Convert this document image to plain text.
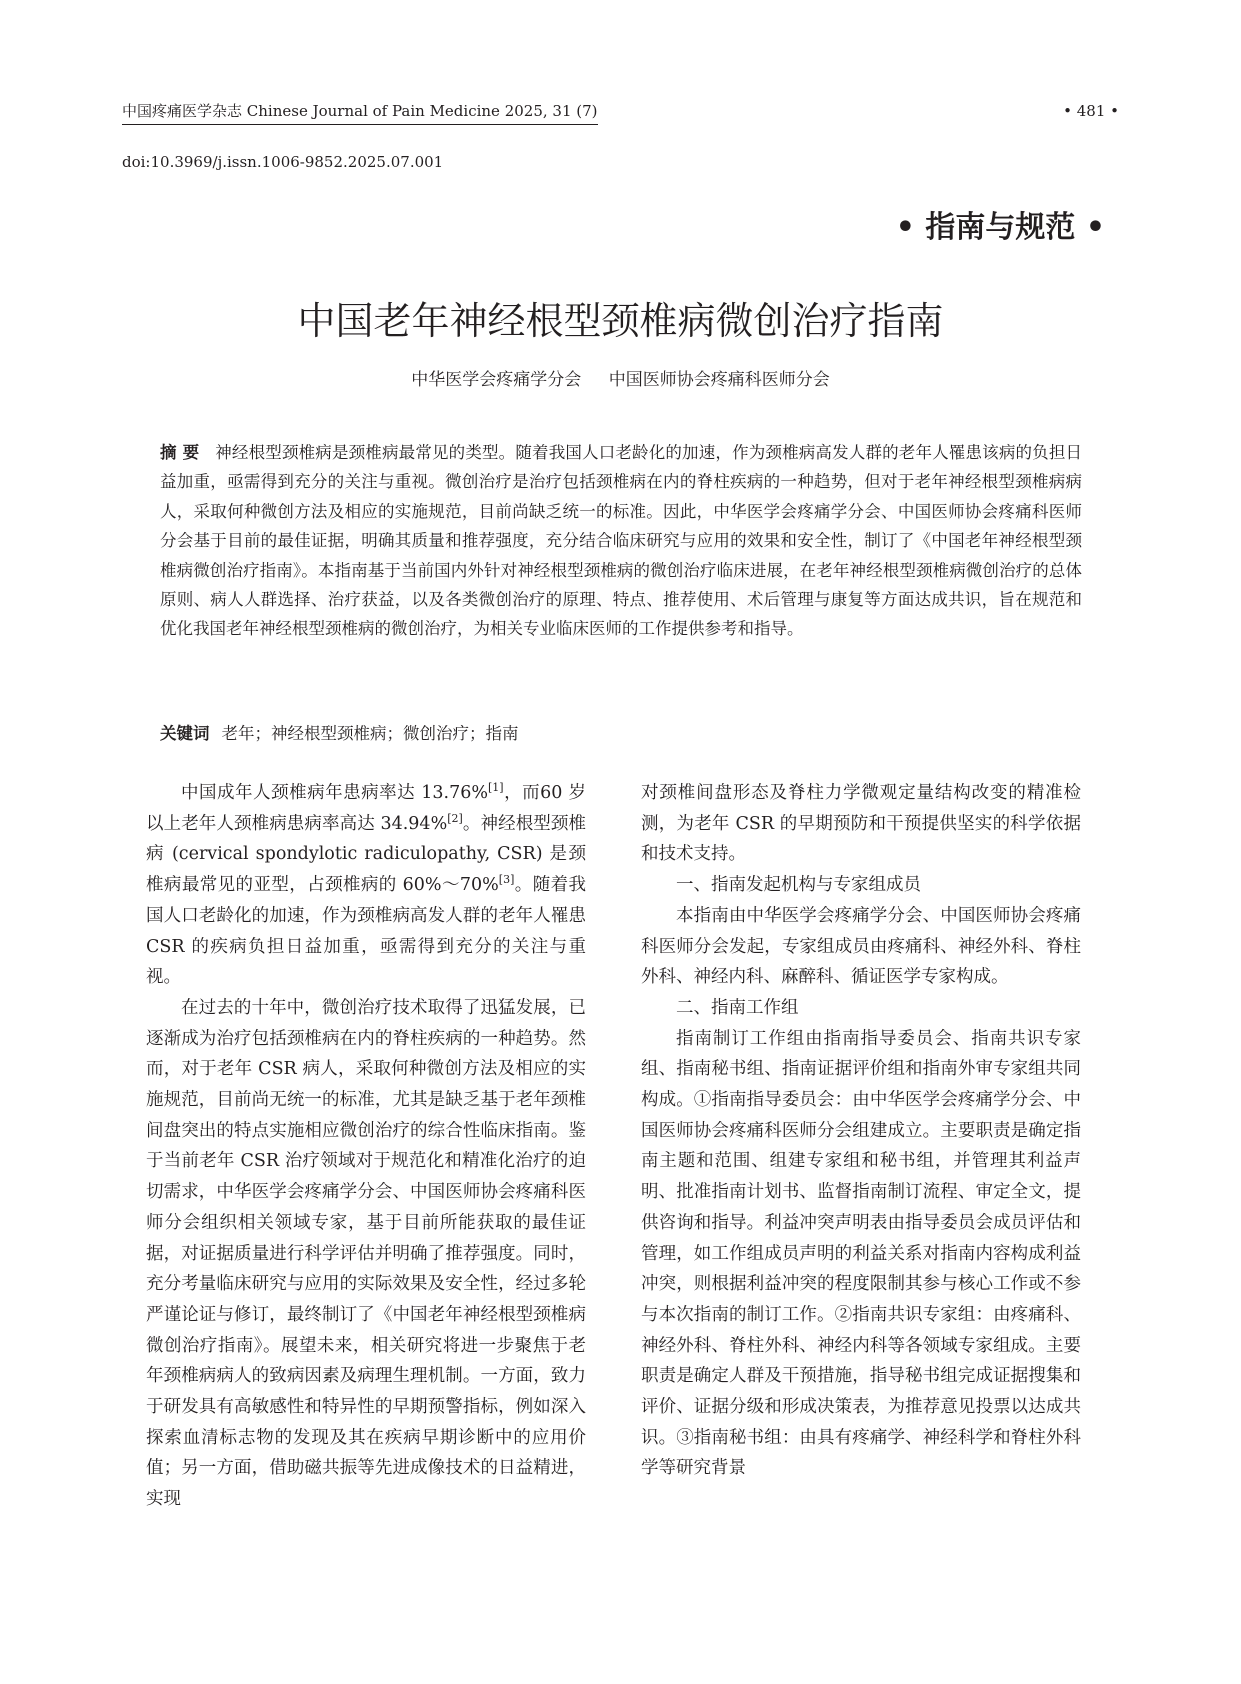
中国疼痛医学杂志 Chinese Journal of Pain Medicine 2025, 31 (7)	• 481 •
doi:10.3969/j.issn.1006-9852.2025.07.001
• 指南与规范 •
中国老年神经根型颈椎病微创治疗指南
中华医学会疼痛学分会 中国医师协会疼痛科医师分会
摘 要 神经根型颈椎病是颈椎病最常见的类型。随着我国人口老龄化的加速，作为颈椎病高发人群的老年人罹患该病的负担日益加重，亟需得到充分的关注与重视。微创治疗是治疗包括颈椎病在内的脊柱疾病的一种趋势，但对于老年神经根型颈椎病病人，采取何种微创方法及相应的实施规范，目前尚缺乏统一的标准。因此，中华医学会疼痛学分会、中国医师协会疼痛科医师分会基于目前的最佳证据，明确其质量和推荐强度，充分结合临床研究与应用的效果和安全性，制订了《中国老年神经根型颈椎病微创治疗指南》。本指南基于当前国内外针对神经根型颈椎病的微创治疗临床进展，在老年神经根型颈椎病微创治疗的总体原则、病人人群选择、治疗获益，以及各类微创治疗的原理、特点、推荐使用、术后管理与康复等方面达成共识，旨在规范和优化我国老年神经根型颈椎病的微创治疗，为相关专业临床医师的工作提供参考和指导。
关键词 老年；神经根型颈椎病；微创治疗；指南

中国成年人颈椎病年患病率达 13.76%[1]，而60 岁以上老年人颈椎病患病率高达 34.94%[2]。神经根型颈椎病 (cervical spondylotic radiculopathy, CSR) 是颈椎病最常见的亚型，占颈椎病的 60%～70%[3]。随着我国人口老龄化的加速，作为颈椎病高发人群的老年人罹患 CSR 的疾病负担日益加重，亟需得到充分的关注与重视。

在过去的十年中，微创治疗技术取得了迅猛发展，已逐渐成为治疗包括颈椎病在内的脊柱疾病的一种趋势。然而，对于老年 CSR 病人，采取何种微创方法及相应的实施规范，目前尚无统一的标准，尤其是缺乏基于老年颈椎间盘突出的特点实施相应微创治疗的综合性临床指南。鉴于当前老年 CSR 治疗领域对于规范化和精准化治疗的迫切需求，中华医学会疼痛学分会、中国医师协会疼痛科医师分会组织相关领域专家，基于目前所能获取的最佳证据，对证据质量进行科学评估并明确了推荐强度。同时，充分考量临床研究与应用的实际效果及安全性，经过多轮严谨论证与修订，最终制订了《中国老年神经根型颈椎病微创治疗指南》。展望未来，相关研究将进一步聚焦于老年颈椎病病人的致病因素及病理生理机制。一方面，致力于研发具有高敏感性和特异性的早期预警指标，例如深入探索血清标志物的发现及其在疾病早期诊断中的应用价值；另一方面，借助磁共振等先进成像技术的日益精进，实现

对颈椎间盘形态及脊柱力学微观定量结构改变的精准检测，为老年 CSR 的早期预防和干预提供坚实的科学依据和技术支持。

一、指南发起机构与专家组成员

本指南由中华医学会疼痛学分会、中国医师协会疼痛科医师分会发起，专家组成员由疼痛科、神经外科、脊柱外科、神经内科、麻醉科、循证医学专家构成。

二、指南工作组

指南制订工作组由指南指导委员会、指南共识专家组、指南秘书组、指南证据评价组和指南外审专家组共同构成。①指南指导委员会：由中华医学会疼痛学分会、中国医师协会疼痛科医师分会组建成立。主要职责是确定指南主题和范围、组建专家组和秘书组，并管理其利益声明、批准指南计划书、监督指南制订流程、审定全文，提供咨询和指导。利益冲突声明表由指导委员会成员评估和管理，如工作组成员声明的利益关系对指南内容构成利益冲突，则根据利益冲突的程度限制其参与核心工作或不参与本次指南的制订工作。②指南共识专家组：由疼痛科、神经外科、脊柱外科、神经内科等各领域专家组成。主要职责是确定人群及干预措施，指导秘书组完成证据搜集和评价、证据分级和形成决策表，为推荐意见投票以达成共识。③指南秘书组：由具有疼痛学、神经科学和脊柱外科学等研究背景
